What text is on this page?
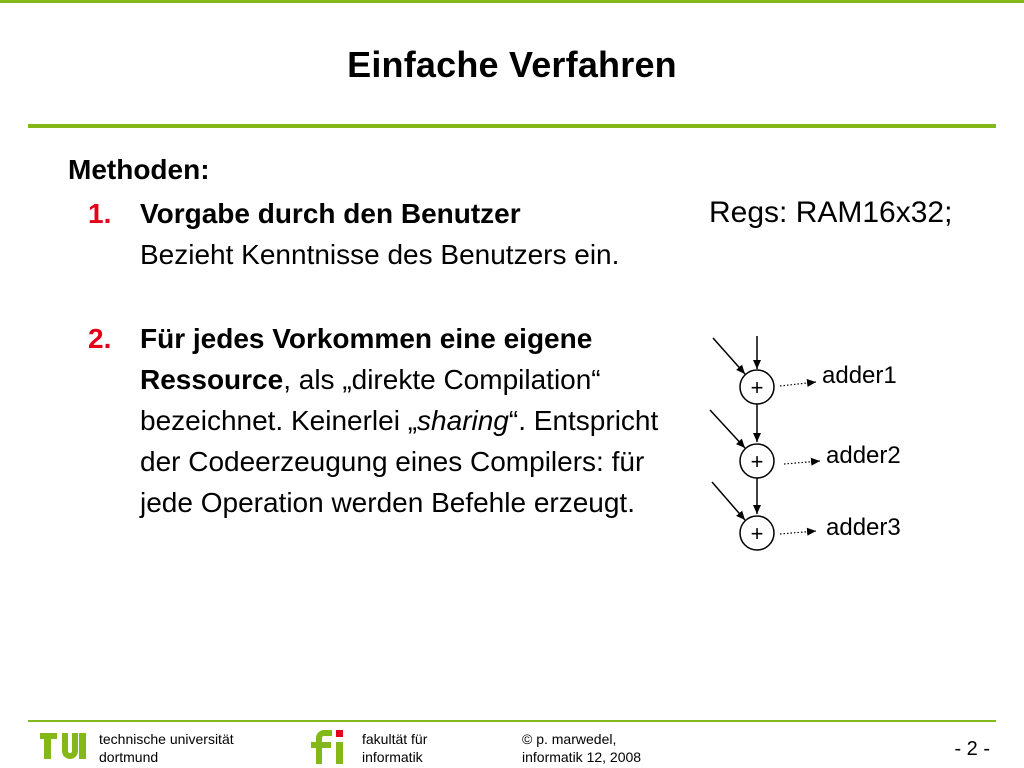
Einfache Verfahren
Methoden:
1. Vorgabe durch den Benutzer
Bezieht Kenntnisse des Benutzers ein.
2. Für jedes Vorkommen eine eigene Ressource, als „direkte Compilation“ bezeichnet. Keinerlei „sharing“. Entspricht der Codeerzeugung eines Compilers: für jede Operation werden Befehle erzeugt.
Regs: RAM16x32;
+
+
+
adder1
adder2
adder3
technische universität
dortmund
fakultät für
informatik
© p. marwedel,
informatik 12, 2008	- 2 -
